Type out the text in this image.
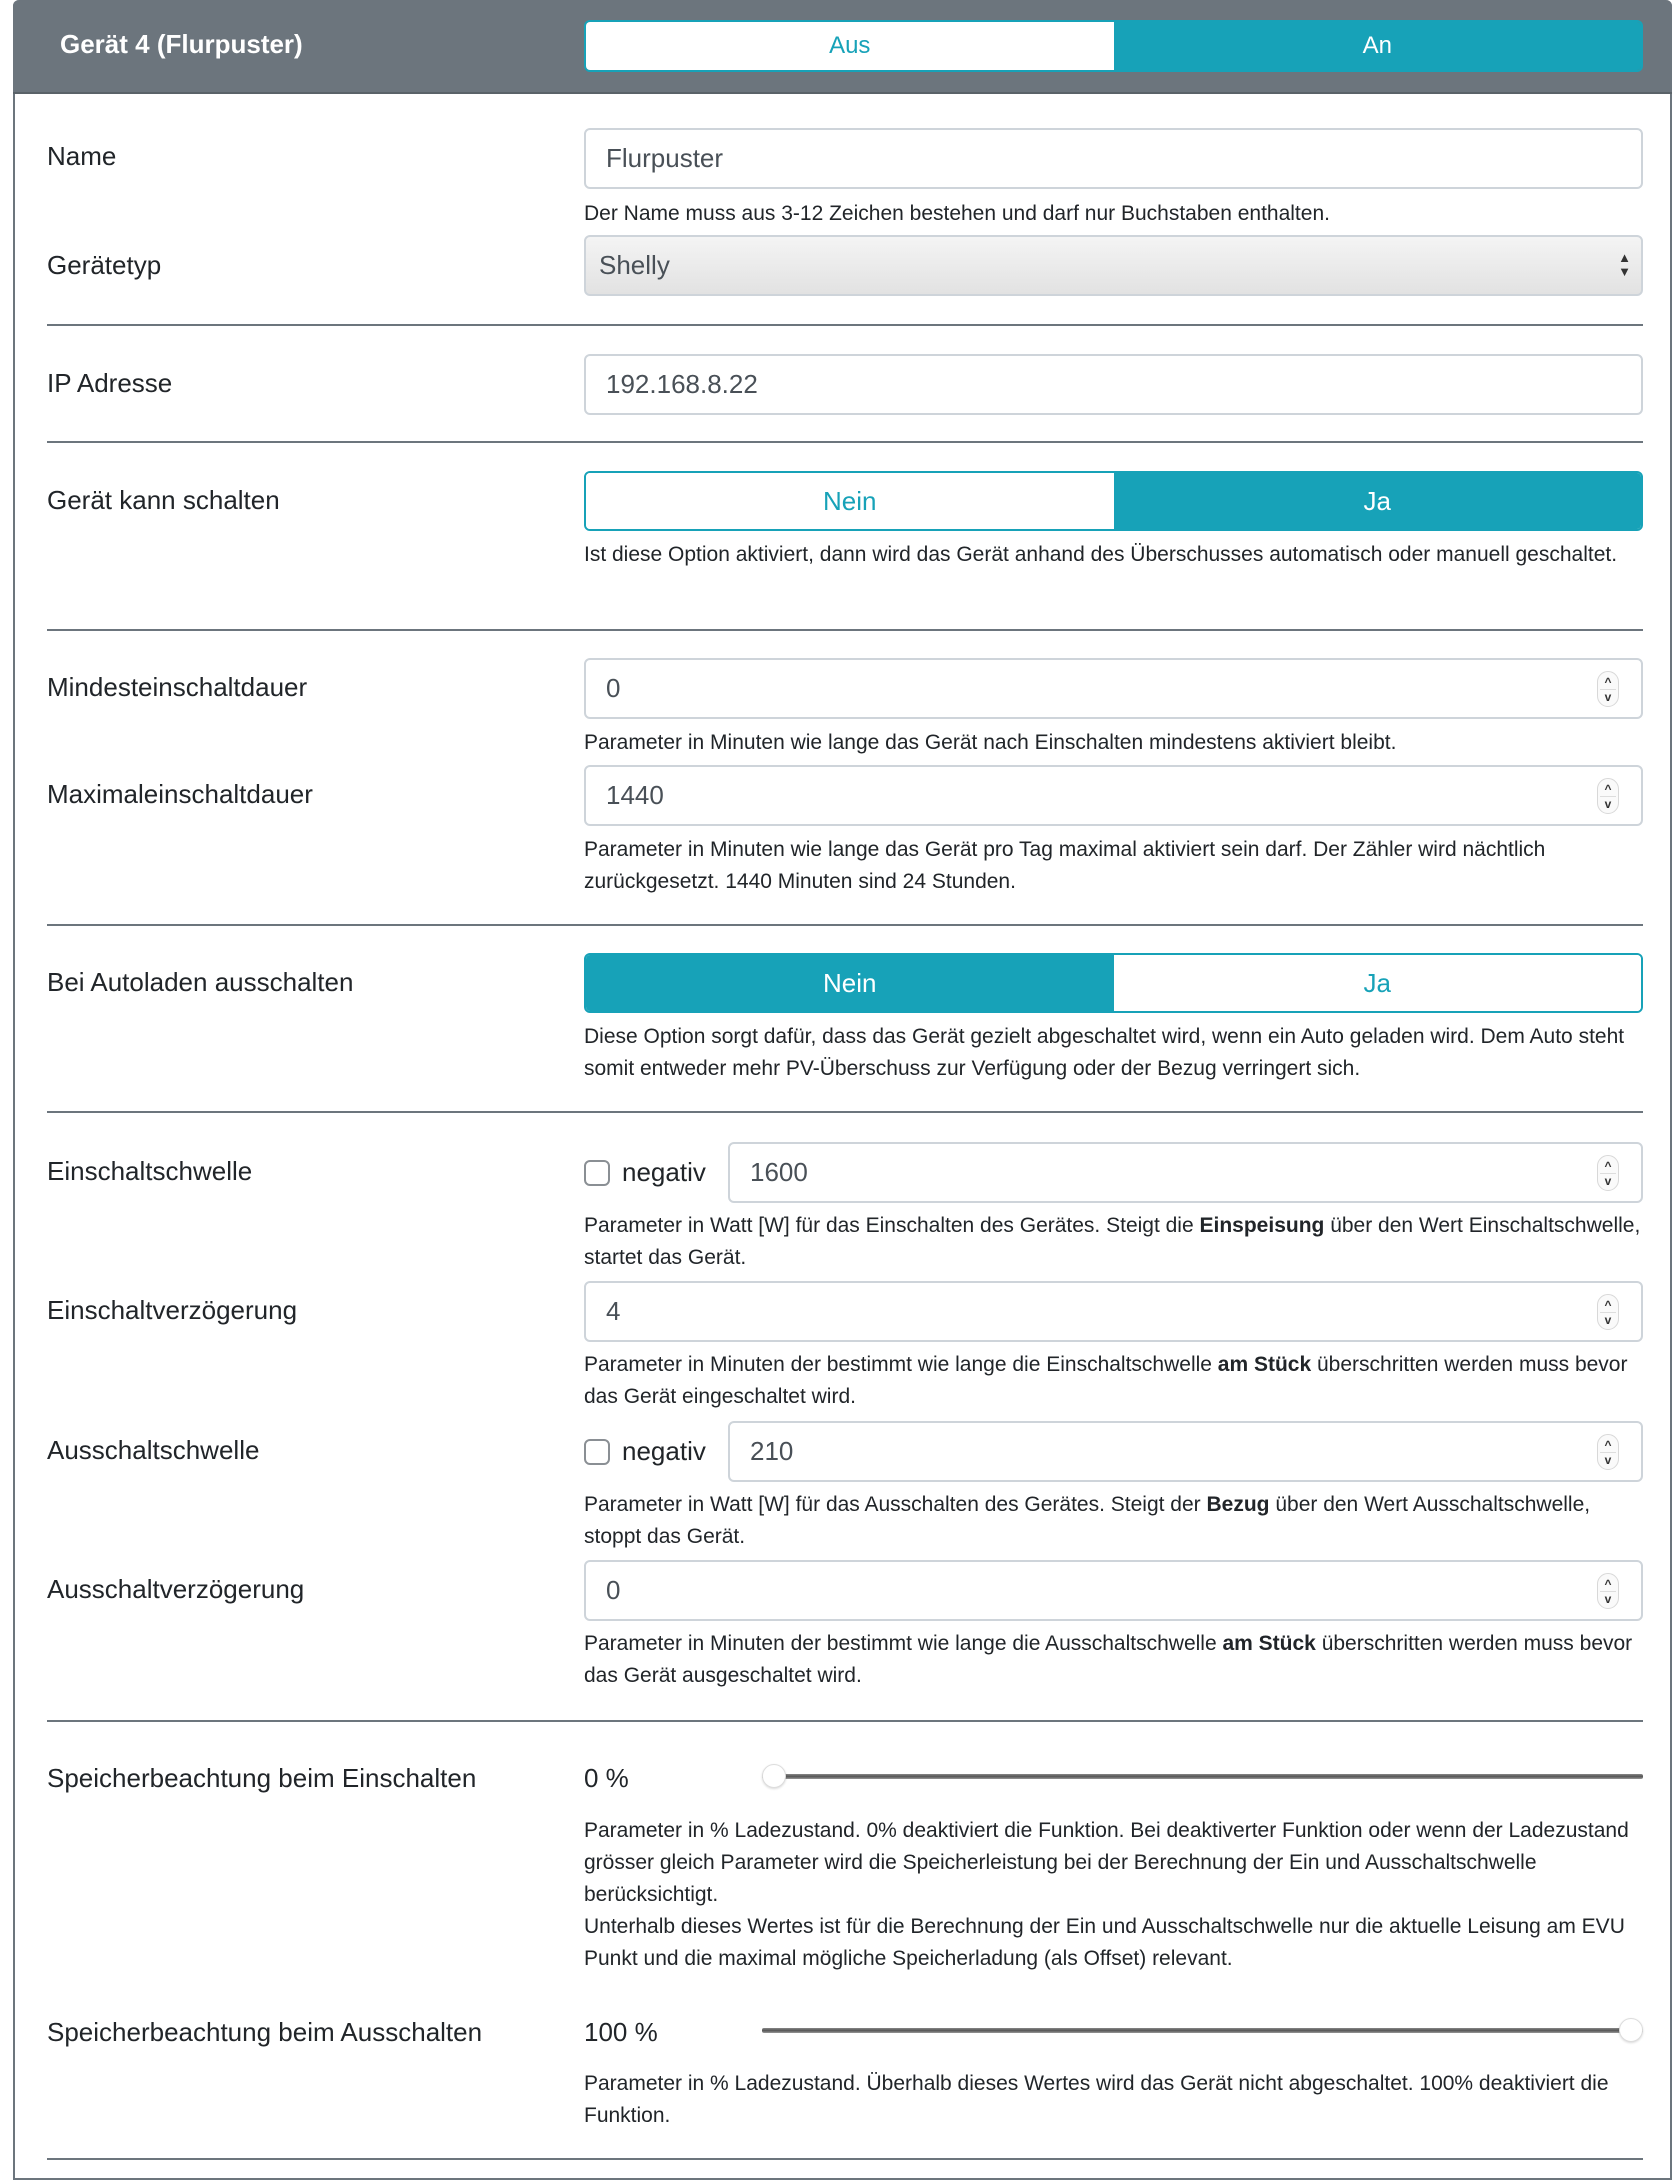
Gerät 4 (Flurpuster)	Aus	An
Name	Flurpuster
Der Name muss aus 3-12 Zeichen bestehen und darf nur Buchstaben enthalten.
Gerätetyp	Shelly	▲
▼
IP Adresse	192.168.8.22
Gerät kann schalten	Nein	Ja
Ist diese Option aktiviert, dann wird das Gerät anhand des Überschusses automatisch oder manuell geschaltet.
Mindesteinschaltdauer	0	^
v
Parameter in Minuten wie lange das Gerät nach Einschalten mindestens aktiviert bleibt.
Maximaleinschaltdauer	1440	^
v
Parameter in Minuten wie lange das Gerät pro Tag maximal aktiviert sein darf. Der Zähler wird nächtlich zurückgesetzt. 1440 Minuten sind 24 Stunden.
Bei Autoladen ausschalten	Nein	Ja
Diese Option sorgt dafür, dass das Gerät gezielt abgeschaltet wird, wenn ein Auto geladen wird. Dem Auto steht somit entweder mehr PV-Überschuss zur Verfügung oder der Bezug verringert sich.
Einschaltschwelle	negativ	1600	^
v
Parameter in Watt [W] für das Einschalten des Gerätes. Steigt die Einspeisung über den Wert Einschaltschwelle, startet das Gerät.
Einschaltverzögerung	4	^
v
Parameter in Minuten der bestimmt wie lange die Einschaltschwelle am Stück überschritten werden muss bevor das Gerät eingeschaltet wird.
Ausschaltschwelle	negativ	210	^
v
Parameter in Watt [W] für das Ausschalten des Gerätes. Steigt der Bezug über den Wert Ausschaltschwelle, stoppt das Gerät.
Ausschaltverzögerung	0	^
v
Parameter in Minuten der bestimmt wie lange die Ausschaltschwelle am Stück überschritten werden muss bevor das Gerät ausgeschaltet wird.
Speicherbeachtung beim Einschalten	0 %
Parameter in % Ladezustand. 0% deaktiviert die Funktion. Bei deaktiverter Funktion oder wenn der Ladezustand grösser gleich Parameter wird die Speicherleistung bei der Berechnung der Ein und Ausschaltschwelle berücksichtigt.
Unterhalb dieses Wertes ist für die Berechnung der Ein und Ausschaltschwelle nur die aktuelle Leisung am EVU Punkt und die maximal mögliche Speicherladung (als Offset) relevant.
Speicherbeachtung beim Ausschalten	100 %
Parameter in % Ladezustand. Überhalb dieses Wertes wird das Gerät nicht abgeschaltet. 100% deaktiviert die Funktion.
